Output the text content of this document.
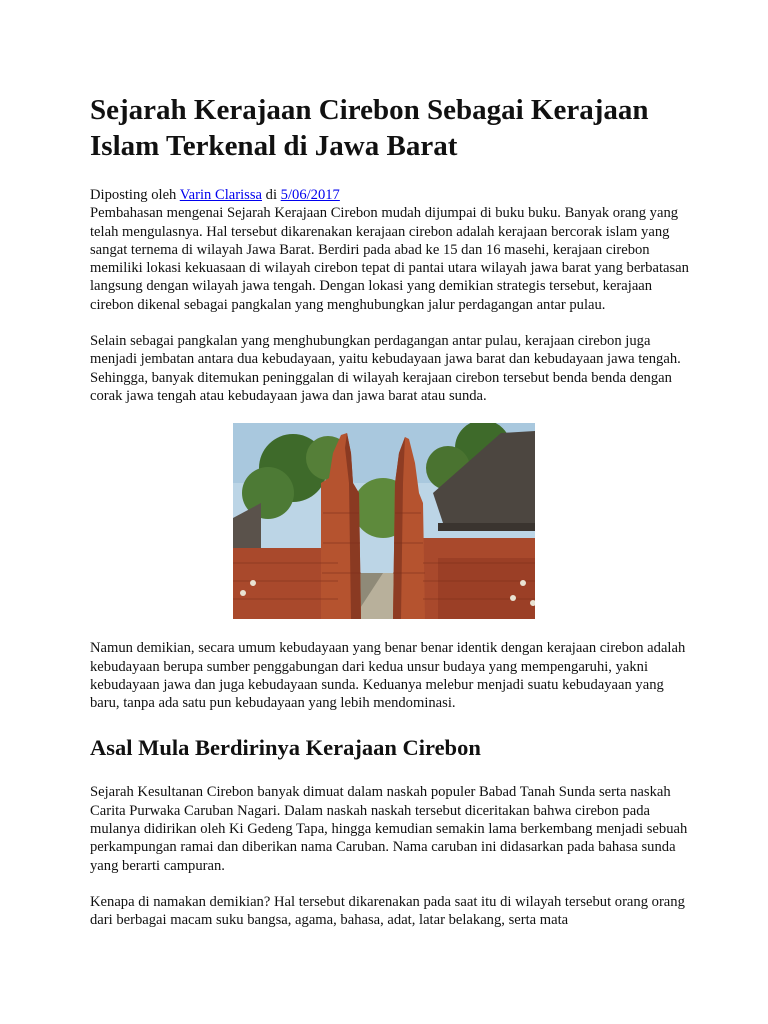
Sejarah Kerajaan Cirebon Sebagai Kerajaan Islam Terkenal di Jawa Barat
Diposting oleh Varin Clarissa di 5/06/2017

Pembahasan mengenai Sejarah Kerajaan Cirebon mudah dijumpai di buku buku. Banyak orang yang telah mengulasnya. Hal tersebut dikarenakan kerajaan cirebon adalah kerajaan bercorak islam yang sangat ternema di wilayah Jawa Barat. Berdiri pada abad ke 15 dan 16 masehi, kerajaan cirebon memiliki lokasi kekuasaan di wilayah cirebon tepat di pantai utara wilayah jawa barat yang berbatasan langsung dengan wilayah jawa tengah. Dengan lokasi yang demikian strategis tersebut, kerajaan cirebon dikenal sebagai pangkalan yang menghubungkan jalur perdagangan antar pulau.

Selain sebagai pangkalan yang menghubungkan perdagangan antar pulau, kerajaan cirebon juga menjadi jembatan antara dua kebudayaan, yaitu kebudayaan jawa barat dan kebudayaan jawa tengah. Sehingga, banyak ditemukan peninggalan di wilayah kerajaan cirebon tersebut benda benda dengan corak jawa tengah atau kebudayaan jawa dan jawa barat atau sunda.

Namun demikian, secara umum kebudayaan yang benar benar identik dengan kerajaan cirebon adalah kebudayaan berupa sumber penggabungan dari kedua unsur budaya yang mempengaruhi, yakni kebudayaan jawa dan juga kebudayaan sunda. Keduanya melebur menjadi suatu kebudayaan yang baru, tanpa ada satu pun kebudayaan yang lebih mendominasi.

Asal Mula Berdirinya Kerajaan Cirebon

Sejarah Kesultanan Cirebon banyak dimuat dalam naskah populer Babad Tanah Sunda serta naskah Carita Purwaka Caruban Nagari. Dalam naskah naskah tersebut diceritakan bahwa cirebon pada mulanya didirikan oleh Ki Gedeng Tapa, hingga kemudian semakin lama berkembang menjadi sebuah perkampungan ramai dan diberikan nama Caruban. Nama caruban ini didasarkan pada bahasa sunda yang berarti campuran.

Kenapa di namakan demikian? Hal tersebut dikarenakan pada saat itu di wilayah tersebut orang orang dari berbagai macam suku bangsa, agama, bahasa, adat, latar belakang, serta mata
